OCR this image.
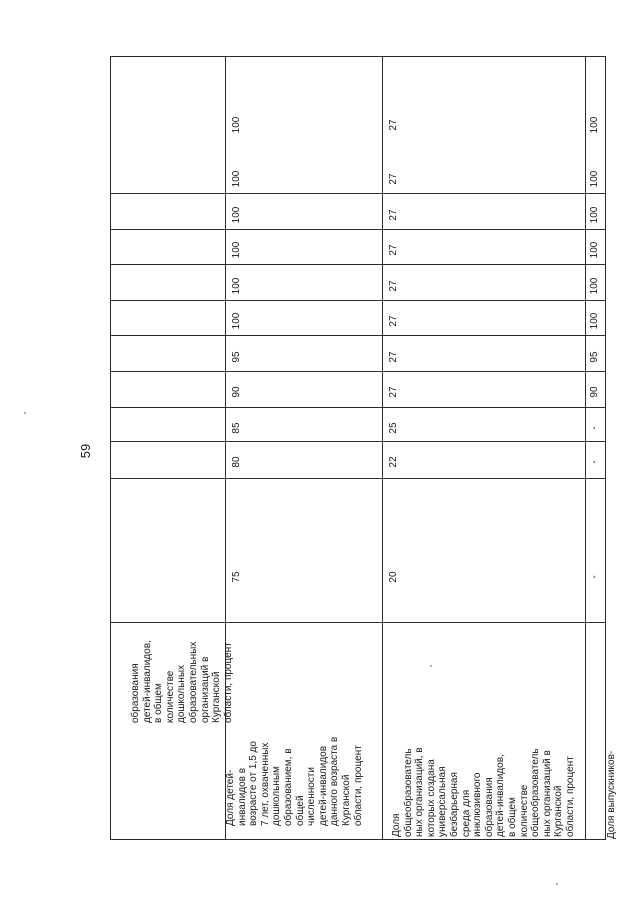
59
образования
детей-инвалидов,
в общем
количестве
дошкольных
образовательных
организаций в
Курганской
области, процент
Доля детей-
инвалидов в
возрасте от 1,5 до
7 лет, охваченных
дошкольным
образованием, в
общей
численности
детей-инвалидов
данного возраста в
Курганской
области, процент
Доля
общеобразователь
ных организаций, в
которых создана
универсальная
безбарьерная
среда для
инклюзивного
образования
детей-инвалидов,
в общем
количестве
общеобразователь
ных организаций в
Курганской
области, процент	Доля выпускников-
75
80
85
90
95
100
100
100
100
100
100
20
22
25
27
27
27
27
27
27
27
27
-
-
-
90
95
100
100
100
100
100
100
